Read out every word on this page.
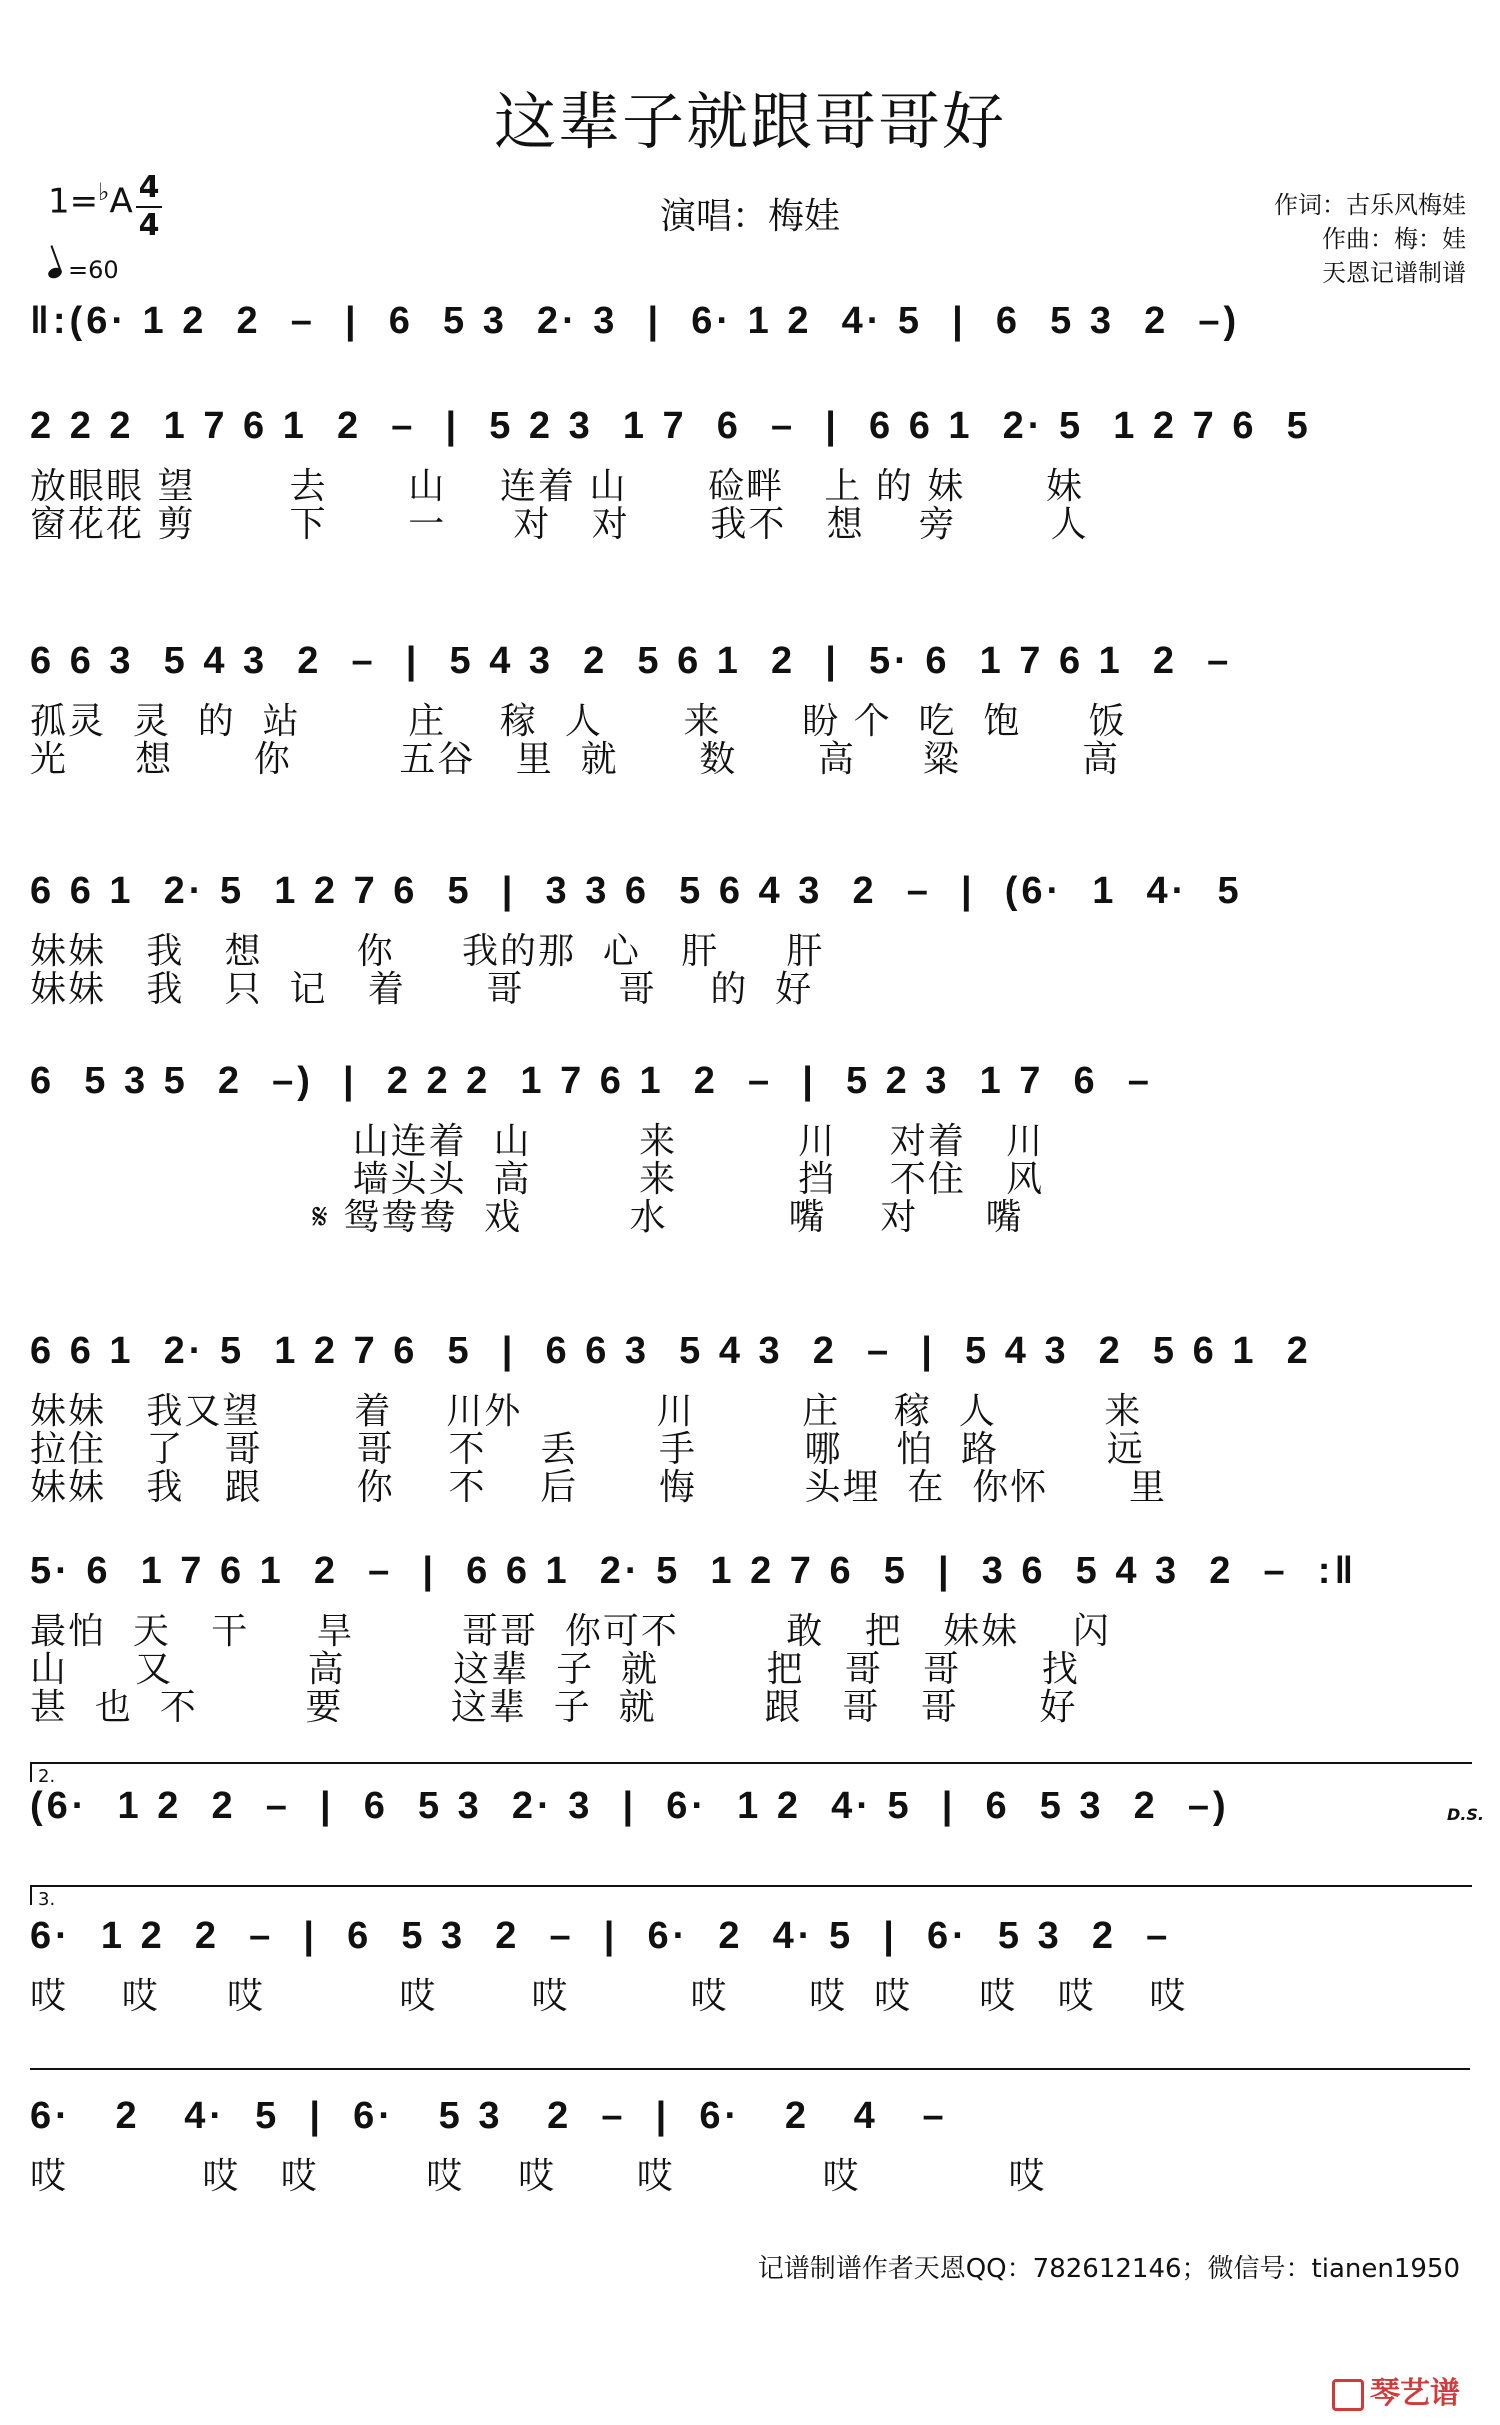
这辈子就跟哥哥好
1=♭A 4
4
=60
演唱：梅娃	作词：古乐风梅娃
作曲：梅：娃
天恩记谱制谱
‖:(6· 1 2  2  –  |  6  5 3  2· 3  |  6· 1 2  4· 5  |  6  5 3  2  –)
2 2 2  1 7 6 1  2  –  |  5 2 3  1 7  6  –  |  6 6 1  2· 5  1 2 7 6  5
放眼眼 望       去      山    连着 山      硷畔   上 的 妹      妹
窗花花 剪       下      一     对   对      我不   想    旁       人
6 6 3  5 4 3  2  –  |  5 4 3  2  5 6 1  2  |  5· 6  1 7 6 1  2  –
孤灵  灵  的  站        庄    稼  人      来      盼 个  吃  饱     饭
光     想      你        五谷   里  就      数      高     粱         高
6 6 1  2· 5  1 2 7 6  5  |  3 3 6  5 6 4 3  2  –  |  (6·  1  4·  5
妹妹   我   想       你     我的那  心   肝     肝
妹妹   我   只  记   着      哥       哥    的  好
6  5 3 5  2  –)  |  2 2 2  1 7 6 1  2  –  |  5 2 3  1 7  6  –
山连着  山        来         川    对着   川
墙头头  高        来         挡    不住   风
𝄋 鸳鸯鸯  戏        水         嘴    对     嘴
6 6 1  2· 5  1 2 7 6  5  |  6 6 3  5 4 3  2  –  |  5 4 3  2  5 6 1  2
妹妹   我又望       着    川外          川        庄    稼  人        来
拉住   了   哥       哥    不    丢      手        哪    怕  路        远
妹妹   我   跟       你    不    后      悔        头埋  在  你怀      里
5· 6  1 7 6 1  2  –  |  6 6 1  2· 5  1 2 7 6  5  |  3 6  5 4 3  2  –  :‖
最怕  天   干     旱        哥哥  你可不        敢   把   妹妹    闪
山     又          高        这辈  子  就        把   哥   哥      找
甚  也  不        要        这辈  子  就        跟   哥   哥      好
2.
(6·  1 2  2  –  |  6  5 3  2· 3  |  6·  1 2  4· 5  |  6  5 3  2  –)	D.S.
3.
6·  1 2  2  –  |  6  5 3  2  –  |  6·  2  4· 5  |  6·  5 3  2  –
哎    哎     哎          哎       哎         哎      哎  哎     哎   哎    哎
6·   2   4·  5  |  6·   5 3   2  –  |  6·   2   4   –
哎          哎   哎        哎    哎      哎           哎           哎
记谱制谱作者天恩QQ：782612146；微信号：tianen1950
琴艺谱
